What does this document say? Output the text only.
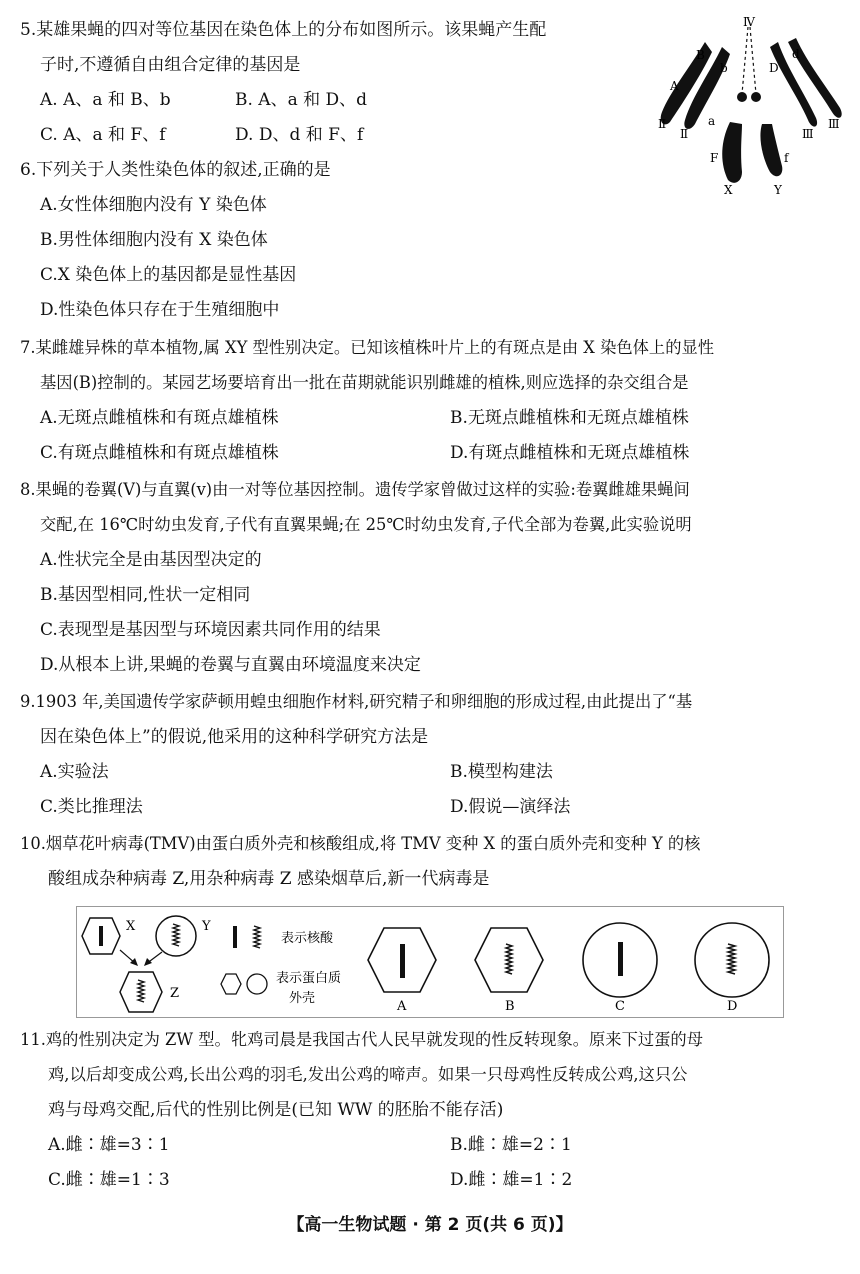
5.某雄果蝇的四对等位基因在染色体上的分布如图所示。该果蝇产生配
子时,不遵循自由组合定律的基因是
A. A、a 和 B、b	B. A、a 和 D、d
C. A、a 和 F、f	D. D、d 和 F、f
Ⅳ
B
b	D
d
A
a
Ⅱ
Ⅱ	Ⅲ
Ⅲ
F	f
X	Y
6.下列关于人类性染色体的叙述,正确的是
A.女性体细胞内没有 Y 染色体
B.男性体细胞内没有 X 染色体
C.X 染色体上的基因都是显性基因
D.性染色体只存在于生殖细胞中
7.某雌雄异株的草本植物,属 XY 型性别决定。已知该植株叶片上的有斑点是由 X 染色体上的显性
基因(B)控制的。某园艺场要培育出一批在苗期就能识别雌雄的植株,则应选择的杂交组合是
A.无斑点雌植株和有斑点雄植株	B.无斑点雌植株和无斑点雄植株
C.有斑点雌植株和有斑点雄植株	D.有斑点雌植株和无斑点雄植株
8.果蝇的卷翼(V)与直翼(v)由一对等位基因控制。遗传学家曾做过这样的实验:卷翼雌雄果蝇间
交配,在 16℃时幼虫发育,子代有直翼果蝇;在 25℃时幼虫发育,子代全部为卷翼,此实验说明
A.性状完全是由基因型决定的
B.基因型相同,性状一定相同
C.表现型是基因型与环境因素共同作用的结果
D.从根本上讲,果蝇的卷翼与直翼由环境温度来决定
9.1903 年,美国遗传学家萨顿用蝗虫细胞作材料,研究精子和卵细胞的形成过程,由此提出了“基
因在染色体上”的假说,他采用的这种科学研究方法是
A.实验法	B.模型构建法
C.类比推理法	D.假说—演绎法
10.烟草花叶病毒(TMV)由蛋白质外壳和核酸组成,将 TMV 变种 X 的蛋白质外壳和变种 Y 的核
酸组成杂种病毒 Z,用杂种病毒 Z 感染烟草后,新一代病毒是
X	Y
Z
表示核酸
表示蛋白质
外壳
A	B	C	D
11.鸡的性别决定为 ZW 型。牝鸡司晨是我国古代人民早就发现的性反转现象。原来下过蛋的母
鸡,以后却变成公鸡,长出公鸡的羽毛,发出公鸡的啼声。如果一只母鸡性反转成公鸡,这只公
鸡与母鸡交配,后代的性别比例是(已知 WW 的胚胎不能存活)
A.雌∶雄=3∶1	B.雌∶雄=2∶1
C.雌∶雄=1∶3	D.雌∶雄=1∶2
【高一生物试题 · 第 2 页(共 6 页)】
